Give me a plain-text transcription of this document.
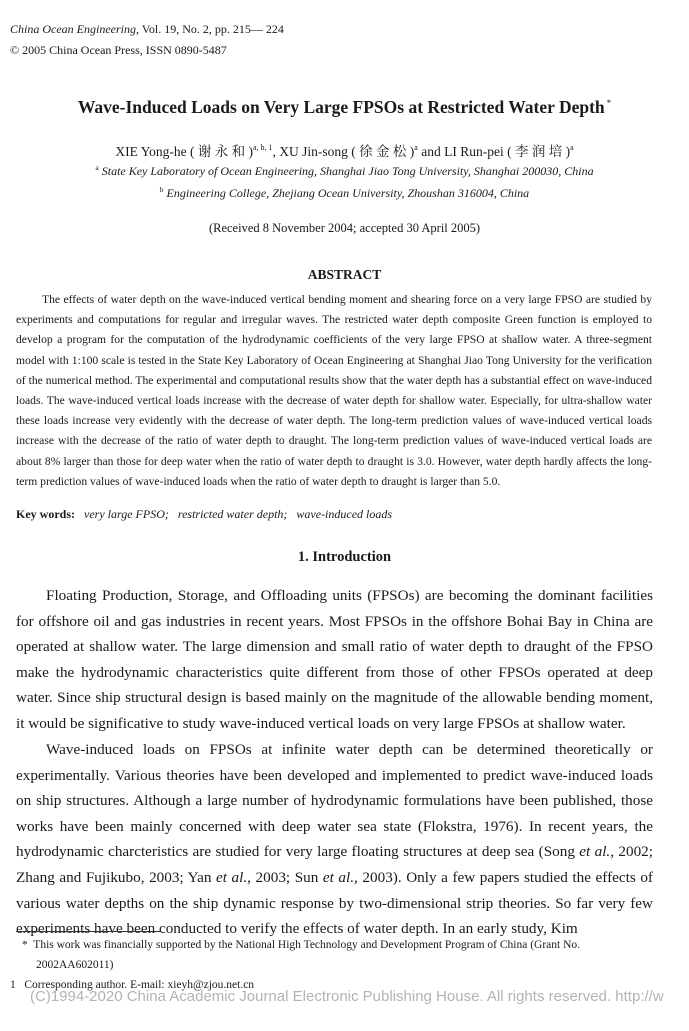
China Ocean Engineering, Vol. 19, No. 2, pp. 215— 224
© 2005 China Ocean Press, ISSN 0890-5487
Wave-Induced Loads on Very Large FPSOs at Restricted Water Depth *
XIE Yong-he ( 谢 永 和 )$^{a, b, 1}$, XU Jin-song ( 徐 金 松 )$^a$ and LI Run-pei ( 李 润 培 )$^a$
$^a$ State Key Laboratory of Ocean Engineering, Shanghai Jiao Tong University, Shanghai 200030, China
$^b$ Engineering College, Zhejiang Ocean University, Zhoushan 316004, China
(Received 8 November 2004; accepted 30 April 2005)
ABSTRACT

The effects of water depth on the wave-induced vertical bending moment and shearing force on a very large FPSO are studied by experiments and computations for regular and irregular waves. The restricted water depth composite Green function is employed to develop a program for the computation of the hydrodynamic coefficients of the very large FPSO at shallow water. A three-segment model with 1:100 scale is tested in the State Key Laboratory of Ocean Engineering at Shanghai Jiao Tong University for the verification of the numerical method. The experimental and computational results show that the water depth has a substantial effect on wave-induced loads. The wave-induced vertical loads increase with the decrease of water depth for shallow water. Especially, for ultra-shallow water these loads increase very evidently with the decrease of water depth. The long-term prediction values of wave-induced vertical loads increase with the decrease of the ratio of water depth to draught. The long-term prediction values of wave-induced vertical loads are about 8% larger than those for deep water when the ratio of water depth to draught is 3.0. However, water depth hardly affects the long-term prediction values of wave-induced loads when the ratio of water depth to draught is larger than 5.0.

Key words: very large FPSO; restricted water depth; wave-induced loads
1. Introduction

Floating Production, Storage, and Offloading units (FPSOs) are becoming the dominant facilities for offshore oil and gas industries in recent years. Most FPSOs in the offshore Bohai Bay in China are operated at shallow water. The large dimension and small ratio of water depth to draught of the FPSO make the hydrodynamic characteristics quite different from those of other FPSOs operated at deep water. Since ship structural design is based mainly on the magnitude of the allowable bending moment, it would be significative to study wave-induced vertical loads on very large FPSOs at shallow water.

Wave-induced loads on FPSOs at infinite water depth can be determined theoretically or experimentally. Various theories have been developed and implemented to predict wave-induced loads on ship structures. Although a large number of hydrodynamic formulations have been published, those works have been mainly concerned with deep water sea state (Flokstra, 1976). In recent years, the hydrodynamic charcteristics are studied for very large floating structures at deep sea (Song et al., 2002; Zhang and Fujikubo, 2003; Yan et al., 2003; Sun et al., 2003). Only a few papers studied the effects of various water depths on the ship dynamic response by two-dimensional strip theories. So far very few experiments have been conducted to verify the effects of water depth. In an early study, Kim

* This work was financially supported by the National High Technology and Development Program of China (Grant No.
2002AA602011)
1 Corresponding author. E-mail: xieyh@zjou.net.cn
(C)1994-2020 China Academic Journal Electronic Publishing House. All rights reserved. http://w
